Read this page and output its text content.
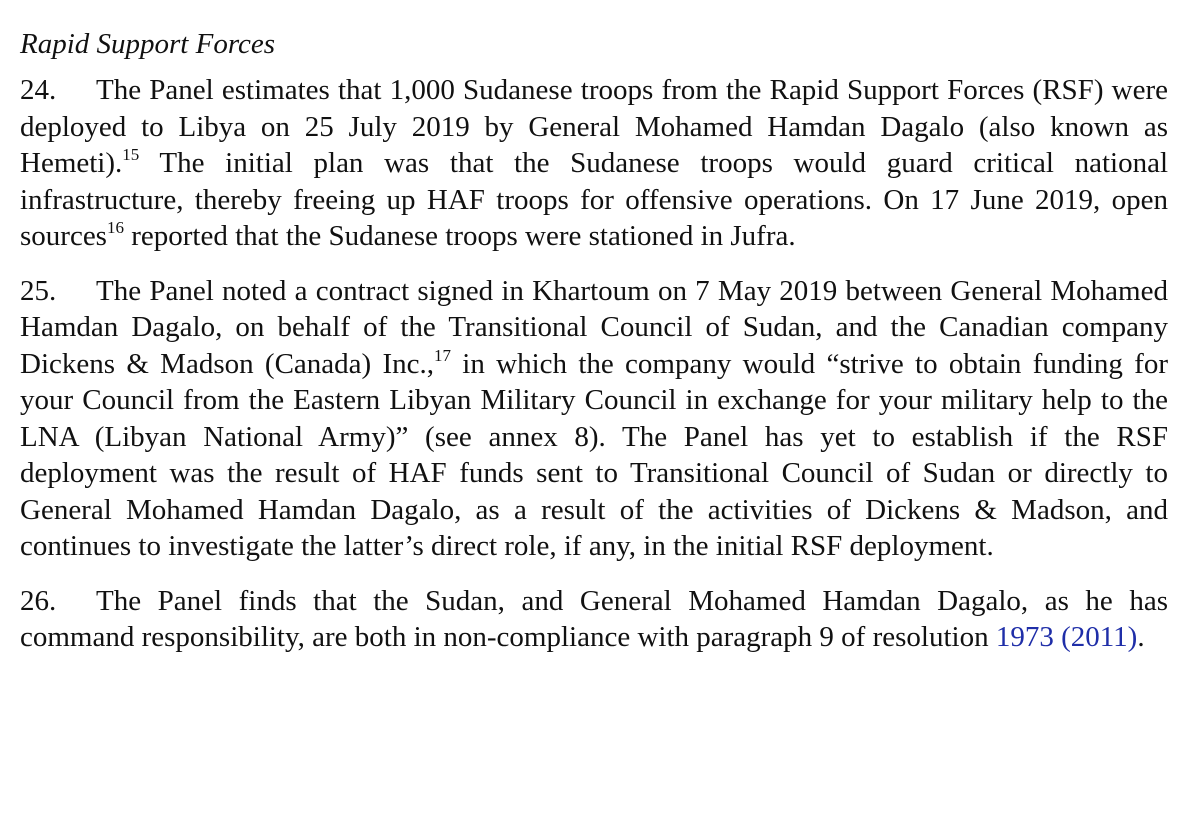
Rapid Support Forces

24. The Panel estimates that 1,000 Sudanese troops from the Rapid Support Forces (RSF) were deployed to Libya on 25 July 2019 by General Mohamed Hamdan Dagalo (also known as Hemeti).$^{15}$ The initial plan was that the Sudanese troops would guard critical national infrastructure, thereby freeing up HAF troops for offensive operations. On 17 June 2019, open sources$^{16}$ reported that the Sudanese troops were stationed in Jufra.

25. The Panel noted a contract signed in Khartoum on 7 May 2019 between General Mohamed Hamdan Dagalo, on behalf of the Transitional Council of Sudan, and the Canadian company Dickens & Madson (Canada) Inc.,$^{17}$ in which the company would “strive to obtain funding for your Council from the Eastern Libyan Military Council in exchange for your military help to the LNA (Libyan National Army)” (see annex 8). The Panel has yet to establish if the RSF deployment was the result of HAF funds sent to Transitional Council of Sudan or directly to General Mohamed Hamdan Dagalo, as a result of the activities of Dickens & Madson, and continues to investigate the latter’s direct role, if any, in the initial RSF deployment.

26. The Panel finds that the Sudan, and General Mohamed Hamdan Dagalo, as he has command responsibility, are both in non-compliance with paragraph 9 of resolution 1973 (2011).
